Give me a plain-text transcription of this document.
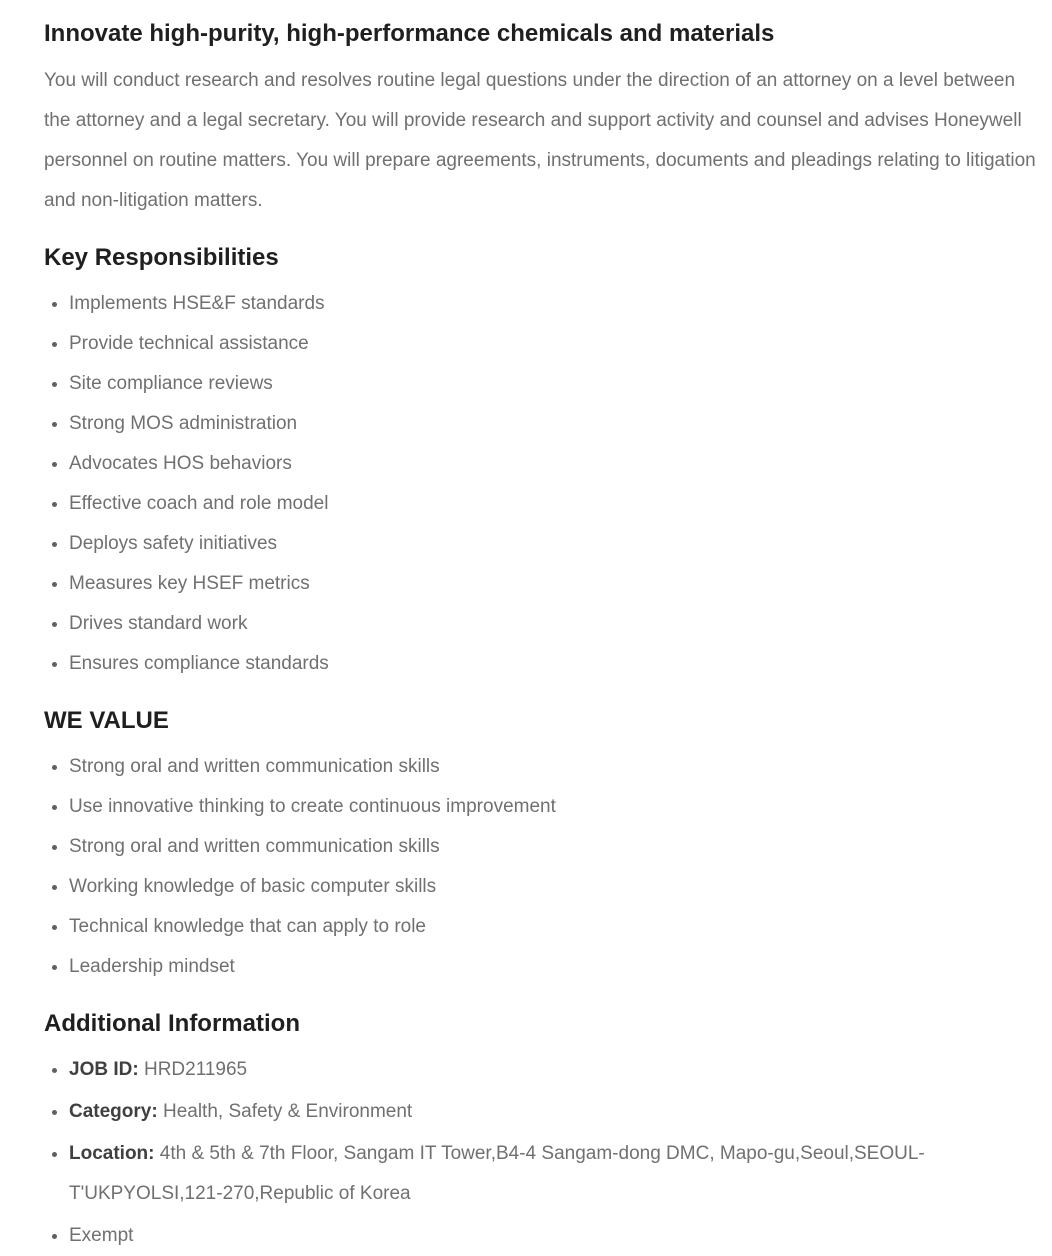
Innovate high-purity, high-performance chemicals and materials

You will conduct research and resolves routine legal questions under the direction of an attorney on a level between the attorney and a legal secretary. You will provide research and support activity and counsel and advises Honeywell personnel on routine matters. You will prepare agreements, instruments, documents and pleadings relating to litigation and non-litigation matters.

Key Responsibilities
Implements HSE&F standards
Provide technical assistance
Site compliance reviews
Strong MOS administration
Advocates HOS behaviors
Effective coach and role model
Deploys safety initiatives
Measures key HSEF metrics
Drives standard work
Ensures compliance standards
WE VALUE
Strong oral and written communication skills
Use innovative thinking to create continuous improvement
Strong oral and written communication skills
Working knowledge of basic computer skills
Technical knowledge that can apply to role
Leadership mindset
Additional Information
JOB ID: HRD211965
Category: Health, Safety & Environment
Location: 4th & 5th & 7th Floor, Sangam IT Tower,B4-4 Sangam-dong DMC, Mapo-gu,Seoul,SEOUL-T'UKPYOLSI,121-270,Republic of Korea
Exempt
